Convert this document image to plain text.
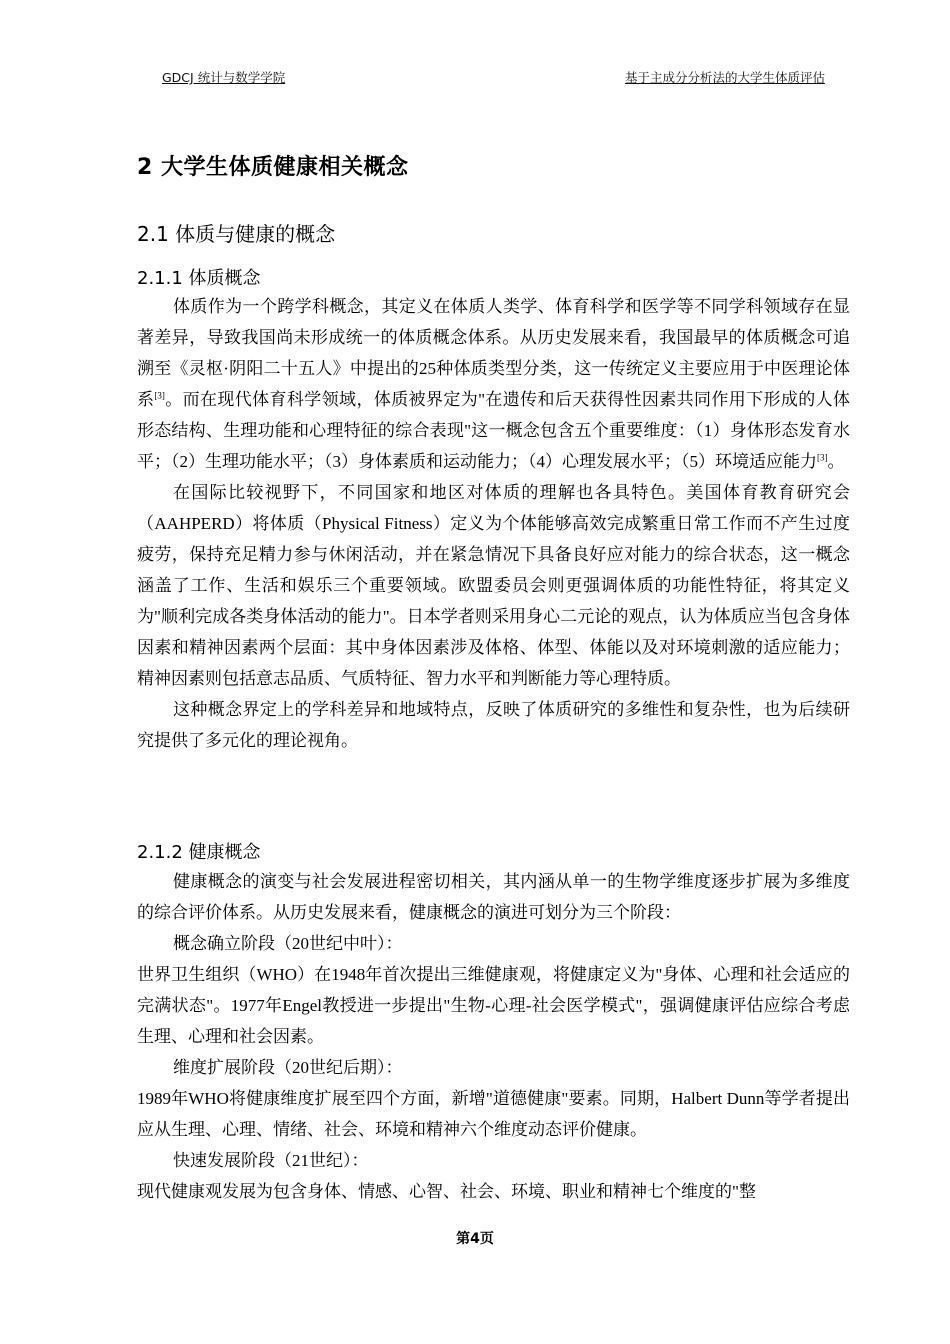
GDCJ 统计与数学学院	基于主成分分析法的大学生体质评估
2 大学生体质健康相关概念
2.1 体质与健康的概念
2.1.1 体质概念

体质作为一个跨学科概念，其定义在体质人类学、体育科学和医学等不同学科领域存在显著差异，导致我国尚未形成统一的体质概念体系。从历史发展来看，我国最早的体质概念可追溯至《灵枢·阴阳二十五人》中提出的25种体质类型分类，这一传统定义主要应用于中医理论体系[3]。而在现代体育科学领域，体质被界定为"在遗传和后天获得性因素共同作用下形成的人体形态结构、生理功能和心理特征的综合表现"这一概念包含五个重要维度：（1）身体形态发育水平；（2）生理功能水平；（3）身体素质和运动能力；（4）心理发展水平；（5）环境适应能力[3]。

在国际比较视野下，不同国家和地区对体质的理解也各具特色。美国体育教育研究会（AAHPERD）将体质（Physical Fitness）定义为个体能够高效完成繁重日常工作而不产生过度疲劳，保持充足精力参与休闲活动，并在紧急情况下具备良好应对能力的综合状态，这一概念涵盖了工作、生活和娱乐三个重要领域。欧盟委员会则更强调体质的功能性特征，将其定义为"顺利完成各类身体活动的能力"。日本学者则采用身心二元论的观点，认为体质应当包含身体因素和精神因素两个层面：其中身体因素涉及体格、体型、体能以及对环境刺激的适应能力；精神因素则包括意志品质、气质特征、智力水平和判断能力等心理特质。

这种概念界定上的学科差异和地域特点，反映了体质研究的多维性和复杂性，也为后续研究提供了多元化的理论视角。

2.1.2 健康概念

健康概念的演变与社会发展进程密切相关，其内涵从单一的生物学维度逐步扩展为多维度的综合评价体系。从历史发展来看，健康概念的演进可划分为三个阶段：

概念确立阶段（20世纪中叶）：

世界卫生组织（WHO）在1948年首次提出三维健康观，将健康定义为"身体、心理和社会适应的完满状态"。1977年Engel教授进一步提出"生物-心理-社会医学模式"，强调健康评估应综合考虑生理、心理和社会因素。

维度扩展阶段（20世纪后期）：

1989年WHO将健康维度扩展至四个方面，新增"道德健康"要素。同期，Halbert Dunn等学者提出应从生理、心理、情绪、社会、环境和精神六个维度动态评价健康。

快速发展阶段（21世纪）：

现代健康观发展为包含身体、情感、心智、社会、环境、职业和精神七个维度的"整

第4页
